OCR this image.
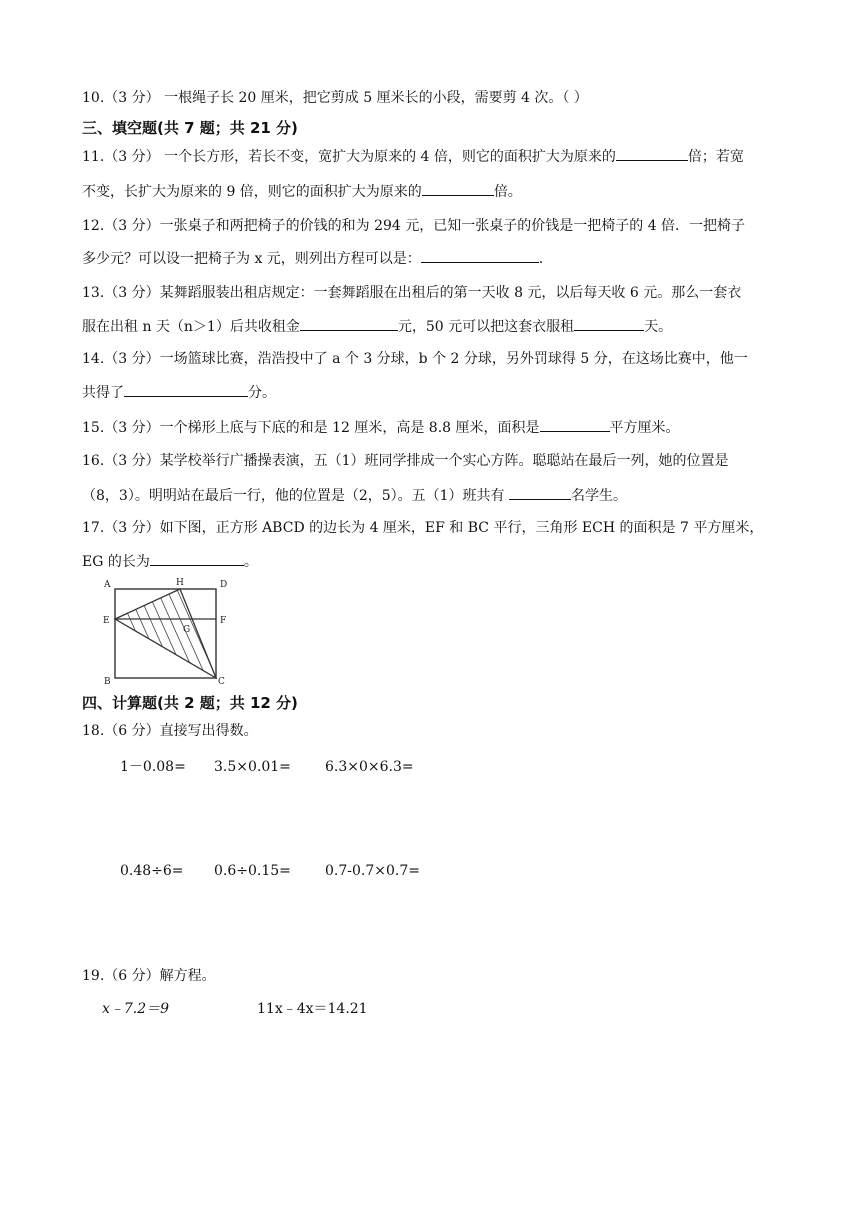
10.（3 分） 一根绳子长 20 厘米，把它剪成 5 厘米长的小段，需要剪 4 次。（ ）
三、填空题(共 7 题；共 21 分)
11.（3 分） 一个长方形，若长不变，宽扩大为原来的 4 倍，则它的面积扩大为原来的	倍；若宽
不变，长扩大为原来的 9 倍，则它的面积扩大为原来的	倍。
12.（3 分）一张桌子和两把椅子的价钱的和为 294 元，已知一张桌子的价钱是一把椅子的 4 倍．一把椅子
多少元？可以设一把椅子为 x 元，则列出方程可以是：	.
13.（3 分）某舞蹈服装出租店规定：一套舞蹈服在出租后的第一天收 8 元，以后每天收 6 元。那么一套衣
服在出租 n 天（n＞1）后共收租金	元，50 元可以把这套衣服租	天。
14.（3 分）一场篮球比赛，浩浩投中了 a 个 3 分球，b 个 2 分球，另外罚球得 5 分，在这场比赛中，他一
共得了	分。
15.（3 分）一个梯形上底与下底的和是 12 厘米，高是 8.8 厘米，面积是	平方厘米。
16.（3 分）某学校举行广播操表演，五（1）班同学排成一个实心方阵。聪聪站在最后一列，她的位置是
（8，3）。明明站在最后一行，他的位置是（2，5）。五（1）班共有	名学生。
17.（3 分）如下图，正方形 ABCD 的边长为 4 厘米，EF 和 BC 平行，三角形 ECH 的面积是 7 平方厘米，
EG 的长为	。
A	H	D
E
G
F
B	C
四、计算题(共 2 题；共 12 分)
18.（6 分）直接写出得数。
1－0.08= 3.5×0.01= 6.3×0×6.3=
0.48÷6= 0.6÷0.15= 0.7-0.7×0.7=
19.（6 分）解方程。
x﹣7.2＝9	11x﹣4x＝14.21
